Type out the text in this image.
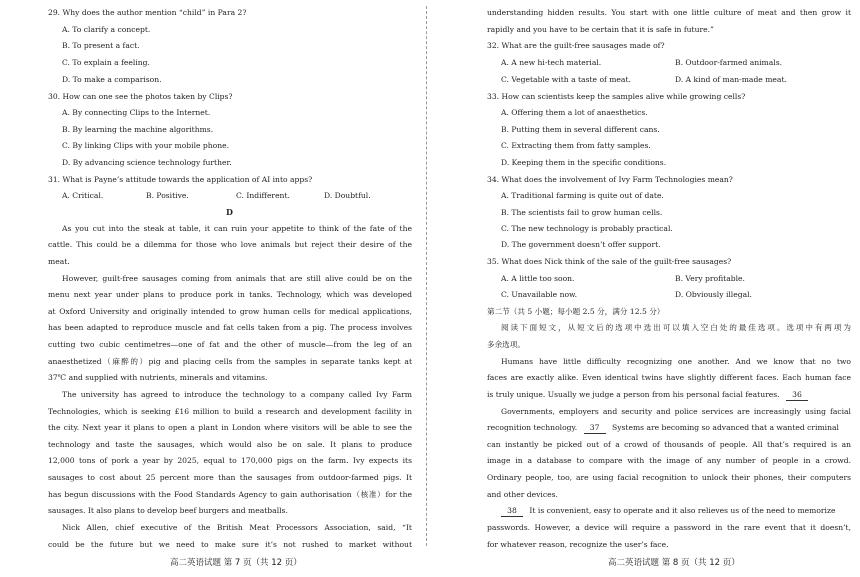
29. Why does the author mention “child” in Para 2?
A. To clarify a concept.
B. To present a fact.
C. To explain a feeling.
D. To make a comparison.
30. How can one see the photos taken by Clips?
A. By connecting Clips to the Internet.
B. By learning the machine algorithms.
C. By linking Clips with your mobile phone.
D. By advancing science technology further.
31. What is Payne’s attitude towards the application of AI into apps?
A. Critical.	B. Positive.	C. Indifferent.	D. Doubtful.
D
As you cut into the steak at table, it can ruin your appetite to think of the fate of the
cattle. This could be a dilemma for those who love animals but reject their desire of the
meat.
However, guilt-free sausages coming from animals that are still alive could be on the
menu next year under plans to produce pork in tanks. Technology, which was developed
at Oxford University and originally intended to grow human cells for medical applications,
has been adapted to reproduce muscle and fat cells taken from a pig. The process involves
cutting two cubic centimetres—one of fat and the other of muscle—from the leg of an
anaesthetized（麻醉的）pig and placing cells from the samples in separate tanks kept at
37℃ and supplied with nutrients, minerals and vitamins.
The university has agreed to introduce the technology to a company called Ivy Farm
Technologies, which is seeking £16 million to build a research and development facility in
the city. Next year it plans to open a plant in London where visitors will be able to see the
technology and taste the sausages, which would also be on sale. It plans to produce
12,000 tons of pork a year by 2025, equal to 170,000 pigs on the farm. Ivy expects its
sausages to cost about 25 percent more than the sausages from outdoor-farmed pigs. It
has begun discussions with the Food Standards Agency to gain authorisation（核准）for the
sausages. It also plans to develop beef burgers and meatballs.
Nick Allen, chief executive of the British Meat Processors Association, said, “It
could be the future but we need to make sure it’s not rushed to market without
高二英语试题 第 7 页（共 12 页）
understanding hidden results. You start with one little culture of meat and then grow it
rapidly and you have to be certain that it is safe in future.”
32. What are the guilt-free sausages made of?
A. A new hi-tech material.	B. Outdoor-farmed animals.
C. Vegetable with a taste of meat.	D. A kind of man-made meat.
33. How can scientists keep the samples alive while growing cells?
A. Offering them a lot of anaesthetics.
B. Putting them in several different cans.
C. Extracting them from fatty samples.
D. Keeping them in the specific conditions.
34. What does the involvement of Ivy Farm Technologies mean?
A. Traditional farming is quite out of date.
B. The scientists fail to grow human cells.
C. The new technology is probably practical.
D. The government doesn’t offer support.
35. What does Nick think of the sale of the guilt-free sausages?
A. A little too soon.	B. Very profitable.
C. Unavailable now.	D. Obviously illegal.
第二节（共 5 小题；每小题 2.5 分，满分 12.5 分）
阅读下面短文，从短文后的选项中选出可以填入空白处的最佳选项。选项中有两项为
多余选项。
Humans have little difficulty recognizing one another. And we know that no two
faces are exactly alike. Even identical twins have slightly different faces. Each human face
is truly unique. Usually we judge a person from his personal facial features. 36
Governments, employers and security and police services are increasingly using facial
recognition technology. 37 Systems are becoming so advanced that a wanted criminal
can instantly be picked out of a crowd of thousands of people. All that’s required is an
image in a database to compare with the image of any number of people in a crowd.
Ordinary people, too, are using facial recognition to unlock their phones, their computers
and other devices.
38 It is convenient, easy to operate and it also relieves us of the need to memorize
passwords. However, a device will require a password in the rare event that it doesn’t,
for whatever reason, recognize the user’s face.
高二英语试题 第 8 页（共 12 页）
